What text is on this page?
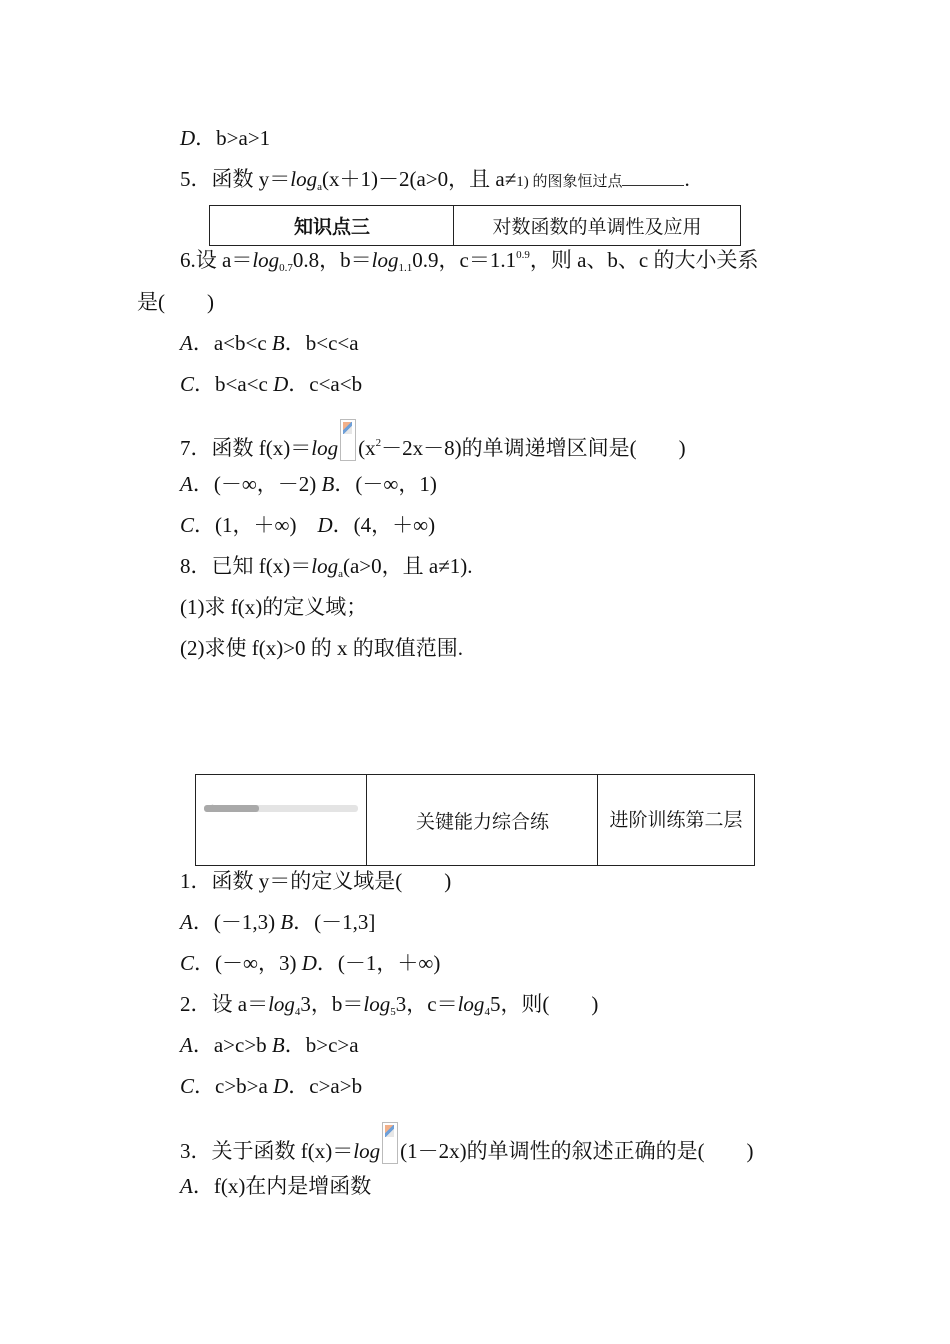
D．b>a>1
5．函数 y＝loga(x＋1)－2(a>0，且 a≠1) 的图象恒过点	.
知识点三	对数函数的单调性及应用
6.设 a＝log0.70.8，b＝log1.10.9，$c=1.1^{0.9}$，则 a、b、c 的大小关系
是(　　)
A．a<b<c B．b<c<a
C．b<a<c D．c<a<b
7．函数 f(x)＝log $(x^2-2x-8)$的单调递增区间是(　　)
A．(－∞，－2) B．(－∞，1)
C．(1，＋∞)　D．(4，＋∞)
8．已知 f(x)＝loga(a>0，且 a≠1).
(1)求 f(x)的定义域；
(2)求使 f(x)>0 的 x 的取值范围.
关键能力综合练	进阶训练第二层
1．函数 y＝的定义域是(　　)
A．(－1,3) B．(－1,3]
C．(－∞，3) D．(－1，＋∞)
2．设 a＝log43，b＝log53，c＝log45，则(　　)
A．a>c>b B．b>c>a
C．c>b>a D．c>a>b
3．关于函数 f(x)＝log (1－2x)的单调性的叙述正确的是(　　)
A．f(x)在内是增函数
